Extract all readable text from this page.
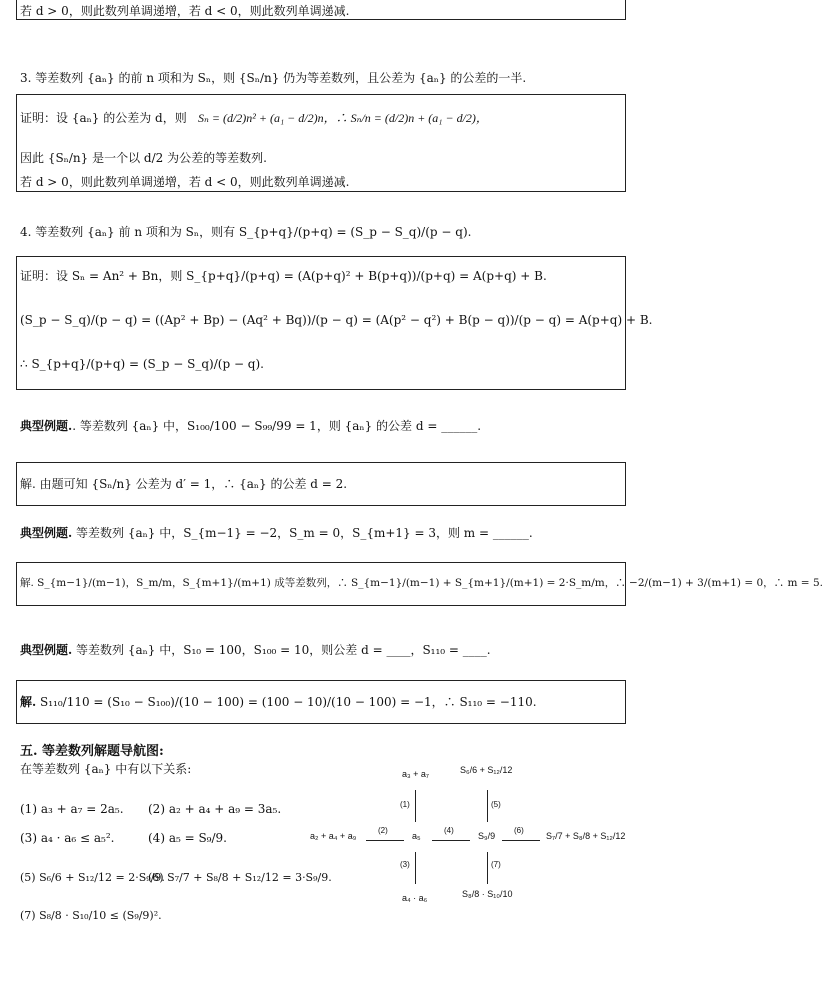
若 d > 0，则此数列单调递增，若 d < 0，则此数列单调递减.
3. 等差数列 {aₙ} 的前 n 项和为 Sₙ，则 {Sₙ/n} 仍为等差数列，且公差为 {aₙ} 的公差的一半.
证明：设 {aₙ} 的公差为 d，则 Sₙ = (d/2)n² + (a₁ − d/2)n，∴ Sₙ/n = (d/2)n + (a₁ − d/2)，
因此 {Sₙ/n} 是一个以 d/2 为公差的等差数列.
若 d > 0，则此数列单调递增，若 d < 0，则此数列单调递减.
4. 等差数列 {aₙ} 前 n 项和为 Sₙ，则有 S_{p+q}/(p+q) = (S_p − S_q)/(p − q).
证明：设 Sₙ = An² + Bn，则 S_{p+q}/(p+q) = (A(p+q)² + B(p+q))/(p+q) = A(p+q) + B.
(S_p − S_q)/(p − q) = ((Ap² + Bp) − (Aq² + Bq))/(p − q) = (A(p² − q²) + B(p − q))/(p − q) = A(p+q) + B.
∴ S_{p+q}/(p+q) = (S_p − S_q)/(p − q).
典型例题.. 等差数列 {aₙ} 中，S₁₀₀/100 − S₉₉/99 = 1，则 {aₙ} 的公差 d = ______.
解. 由题可知 {Sₙ/n} 公差为 d′ = 1，∴ {aₙ} 的公差 d = 2.
典型例题. 等差数列 {aₙ} 中，S_{m−1} = −2，S_m = 0，S_{m+1} = 3，则 m = ______.
解. S_{m−1}/(m−1)，S_m/m，S_{m+1}/(m+1) 成等差数列，∴ S_{m−1}/(m−1) + S_{m+1}/(m+1) = 2·S_m/m，∴ −2/(m−1) + 3/(m+1) = 0，∴ m = 5.
典型例题. 等差数列 {aₙ} 中，S₁₀ = 100，S₁₀₀ = 10，则公差 d = ____，S₁₁₀ = ____.
解. S₁₁₀/110 = (S₁₀ − S₁₀₀)/(10 − 100) = (100 − 10)/(10 − 100) = −1，∴ S₁₁₀ = −110.
五. 等差数列解题导航图:
在等差数列 {aₙ} 中有以下关系:
(1) a₃ + a₇ = 2a₅. (2) a₂ + a₄ + a₉ = 3a₅.
(3) a₄ · a₆ ≤ a₅².	(4) a₅ = S₉/9.
(5) S₆/6 + S₁₂/12 = 2·S₉/9.
(6) S₇/7 + S₈/8 + S₁₂/12 = 3·S₉/9.
(7) S₈/8 · S₁₀/10 ≤ (S₉/9)².
a₃ + a₇	S₆/6 + S₁₂/12
a₂ + a₄ + a₉	a₅	S₉/9	S₇/7 + S₈/8 + S₁₂/12
a₄ · a₆	S₈/8 · S₁₀/10
(1)
(2)
(3)
(4)
(5)
(6)
(7)
